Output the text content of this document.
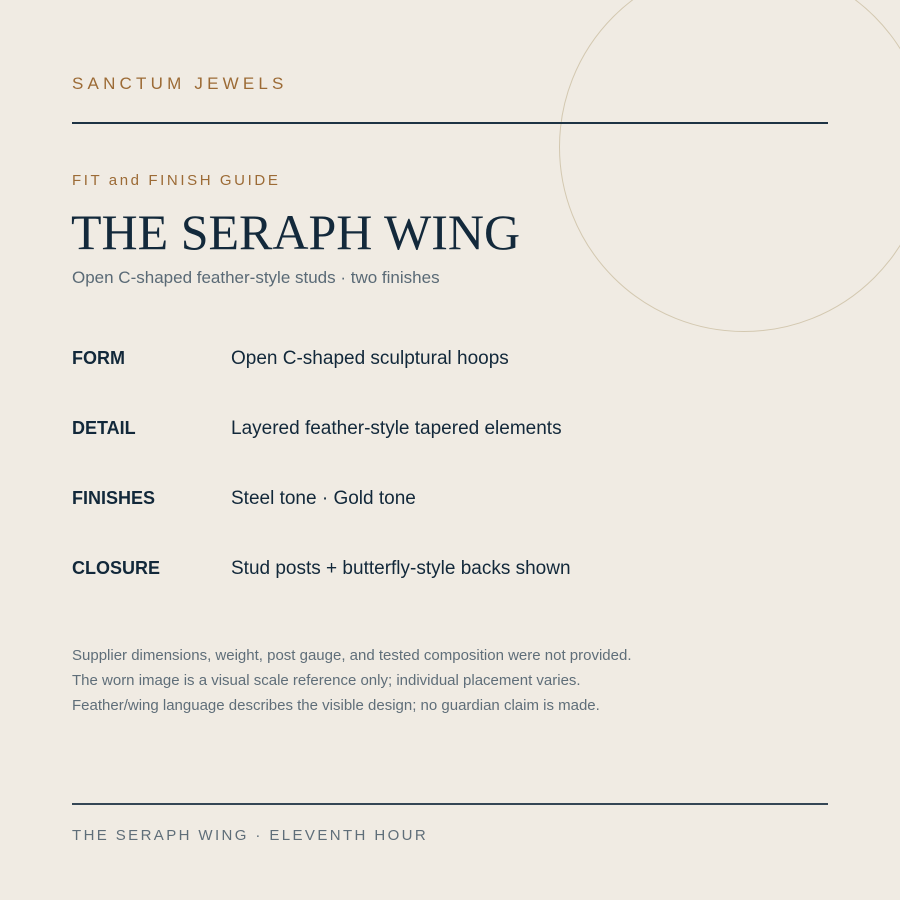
SANCTUM JEWELS
FIT and FINISH GUIDE
THE SERAPH WING
Open C-shaped feather-style studs · two finishes
FORM	Open C-shaped sculptural hoops
DETAIL	Layered feather-style tapered elements
FINISHES	Steel tone · Gold tone
CLOSURE	Stud posts + butterfly-style backs shown
Supplier dimensions, weight, post gauge, and tested composition were not provided.
The worn image is a visual scale reference only; individual placement varies.
Feather/wing language describes the visible design; no guardian claim is made.
THE SERAPH WING · ELEVENTH HOUR
